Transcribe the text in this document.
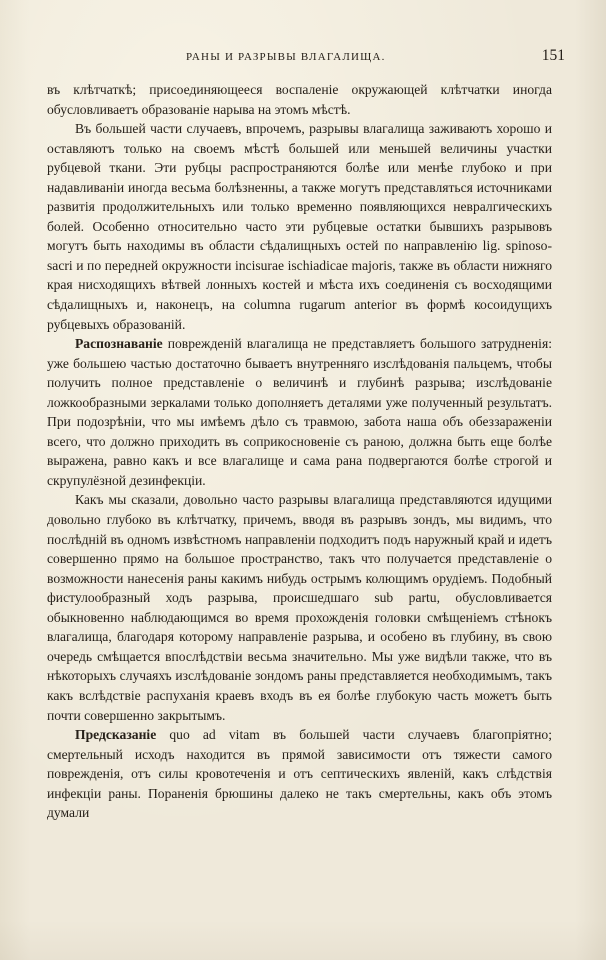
РАНЫ И РАЗРЫВЫ ВЛАГАЛИЩА.	151

въ клѣтчаткѣ; присоединяющееся воспаленіе окружающей клѣтчатки иногда обусловливаетъ образованіе нарыва на этомъ мѣстѣ.

Въ большей части случаевъ, впрочемъ, разрывы влагалища заживаютъ хорошо и оставляютъ только на своемъ мѣстѣ большей или меньшей величины участки рубцевой ткани. Эти рубцы распространяются болѣе или менѣе глубоко и при надавливаніи иногда весьма болѣзненны, а также могутъ представляться источниками развитія продолжительныхъ или только временно появляющихся невралгическихъ болей. Особенно относительно часто эти рубцевые остатки бывшихъ разрывовъ могутъ быть находимы въ области сѣдалищныхъ остей по направленію lig. spinoso-sacri и по передней окружности incisurae ischiadicae majoris, также въ области нижняго края нисходящихъ вѣтвей лонныхъ костей и мѣста ихъ соединенія съ восходящими сѣдалищныхъ и, наконецъ, на columna rugarum anterior въ формѣ косоидущихъ рубцевыхъ образованій.

Распознаваніе поврежденій влагалища не представляетъ большого затрудненія: уже большею частью достаточно бываетъ внутренняго изслѣдованія пальцемъ, чтобы получить полное представленіе о величинѣ и глубинѣ разрыва; изслѣдованіе ложкообразными зеркалами только дополняетъ деталями уже полученный результатъ. При подозрѣніи, что мы имѣемъ дѣло съ травмою, забота наша объ обеззараженіи всего, что должно приходить въ соприкосновеніе съ раною, должна быть еще болѣе выражена, равно какъ и все влагалище и сама рана подвергаются болѣе строгой и скрупулёзной дезинфекціи.

Какъ мы сказали, довольно часто разрывы влагалища представляются идущими довольно глубоко въ клѣтчатку, причемъ, вводя въ разрывъ зондъ, мы видимъ, что послѣдній въ одномъ извѣстномъ направленіи подходитъ подъ наружный край и идетъ совершенно прямо на большое пространство, такъ что получается представленіе о возможности нанесенія раны какимъ нибудь острымъ колющимъ орудіемъ. Подобный фистулообразный ходъ разрыва, происшедшаго sub partu, обусловливается обыкновенно наблюдающимся во время прохожденія головки смѣщеніемъ стѣнокъ влагалища, благодаря которому направленіе разрыва, и особено въ глубину, въ свою очередь смѣщается впослѣдствіи весьма значительно. Мы уже видѣли также, что въ нѣкоторыхъ случаяхъ изслѣдованіе зондомъ раны представляется необходимымъ, такъ какъ вслѣдствіе распуханія краевъ входъ въ ея болѣе глубокую часть можетъ быть почти совершенно закрытымъ.

Предсказаніе quo ad vitam въ большей части случаевъ благопріятно; смертельный исходъ находится въ прямой зависимости отъ тяжести самого поврежденія, отъ силы кровотеченія и отъ септическихъ явленій, какъ слѣдствія инфекціи раны. Пораненія брюшины далеко не такъ смертельны, какъ объ этомъ думали
